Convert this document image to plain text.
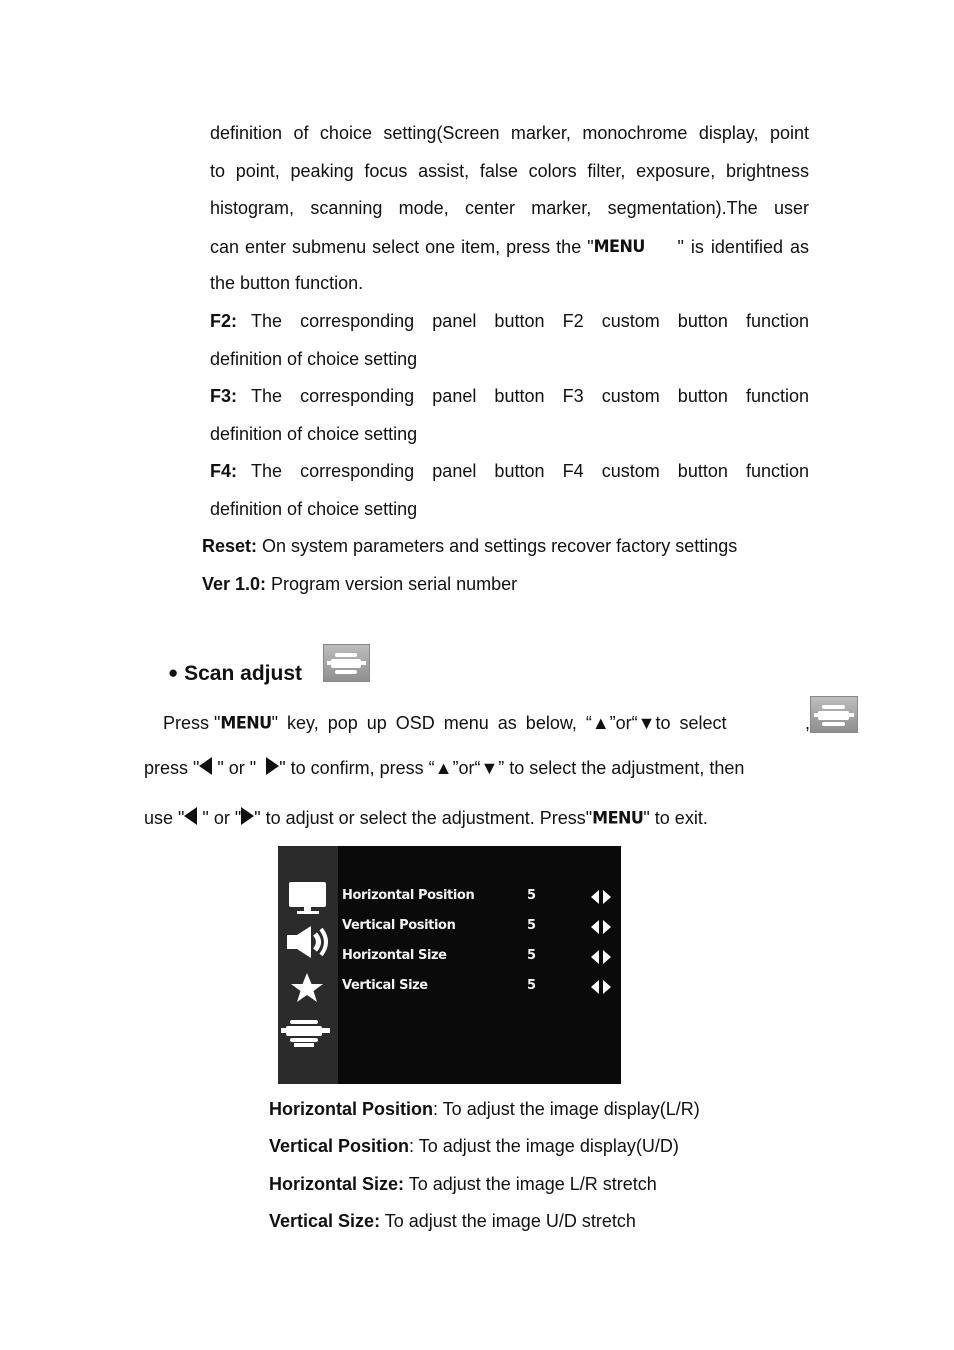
definition of choice setting(Screen marker, monochrome display, point
to point, peaking focus assist, false colors filter, exposure, brightness
histogram, scanning mode, center marker, segmentation).The user
can enter submenu select one item, press the " MENU " is identified as
the button function.
F2: The corresponding panel button F2 custom button function
definition of choice setting
F3: The corresponding panel button F3 custom button function
definition of choice setting
F4: The corresponding panel button F4 custom button function
definition of choice setting
Reset: On system parameters and settings recover factory settings
Ver 1.0: Program version serial number
● Scan adjust

Press "MENU" key, pop up OSD menu as below, “▲”or“▼to select	,
press " " or " " to confirm, press “▲”or“▼” to select the adjustment, then
use " " or " " to adjust or select the adjustment. Press"MENU" to exit.
Horizontal Position	5
Vertical Position	5
Horizontal Size	5
Vertical Size	5
Horizontal Position: To adjust the image display(L/R)
Vertical Position: To adjust the image display(U/D)
Horizontal Size: To adjust the image L/R stretch
Vertical Size: To adjust the image U/D stretch
